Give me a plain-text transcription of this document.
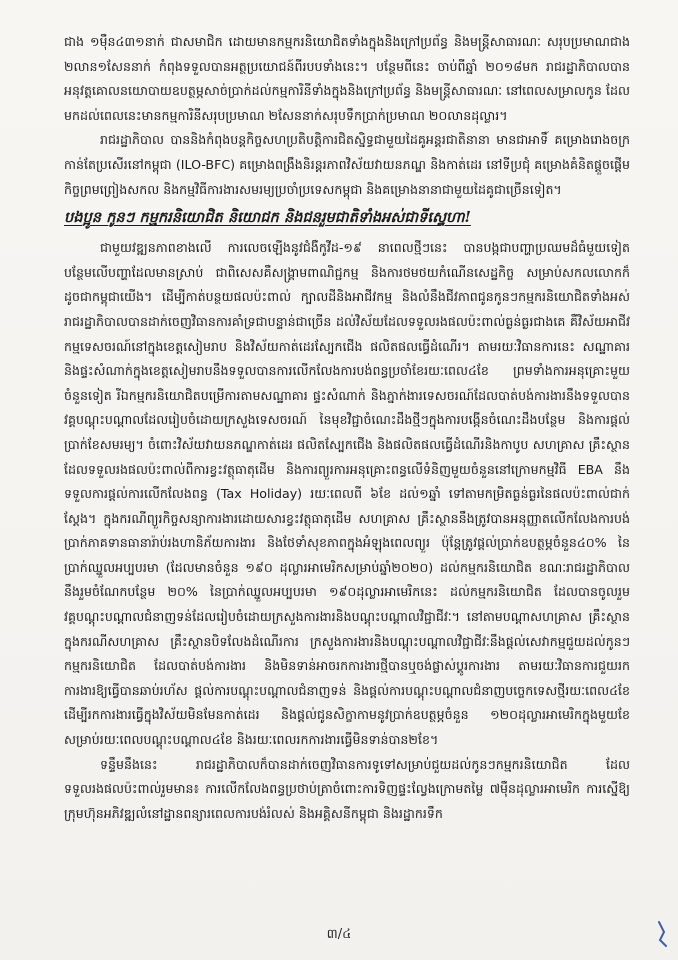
ជាង ១ម៉ឺន៤៣១នាក់ ជាសមាជិក ដោយមានកម្មករនិយោជិតទាំងក្នុងនិងក្រៅប្រព័ន្ធ និងមន្ត្រីសាធារណៈ សរុបប្រមាណជាង ២លាន១សែននាក់ កំពុងទទួលបានអត្ថប្រយោជន៍ពីរបបទាំងនេះ។ បន្ថែមពីនេះ ចាប់ពីឆ្នាំ ២០១៨មក រាជរដ្ឋាភិបាលបានអនុវត្តគោលនយោបាយឧបត្ថម្ភសាច់ប្រាក់ដល់កម្មការិនីទាំងក្នុងនិងក្រៅប្រព័ន្ធ និងមន្ត្រីសាធារណៈ នៅពេលសម្រាលកូន ដែលមកដល់ពេលនេះមានកម្មការិនីសរុបប្រមាណ ២សែននាក់សរុបទឹកប្រាក់ប្រមាណ ២០លានដុល្លារ។

រាជរដ្ឋាភិបាល បាននិងកំពុងបន្តកិច្ចសហប្រតិបត្តិការជិតស្និទ្ធជាមួយដៃគូអន្តរជាតិនានា មានជាអាទិ៍ គម្រោងរោងចក្រកាន់តែប្រសើរនៅកម្ពុជា (ILO-BFC) គម្រោងពង្រឹងនិរន្តរភាពវិស័យវាយនភណ្ឌ និងកាត់ដេរ នៅទីប្រជុំ គម្រោងគំនិតផ្តួចផ្តើមកិច្ចព្រមព្រៀងសកល និងកម្មវិធីការងារសមរម្យប្រចាំប្រទេសកម្ពុជា និងគម្រោងនានាជាមួយដៃគូជាច្រើនទៀត។

បងប្អូន កូនៗ កម្មករនិយោជិត និយោជក និងជនរួមជាតិទាំងអស់ជាទីស្នេហា!

ជាមួយវឌ្ឍនភាពខាងលើ ការលេចឡើងនូវជំងឺកូវីដ-១៩ នាពេលថ្មីៗនេះ បានបង្កជាបញ្ហាប្រឈមដ៏ធំមួយទៀត បន្ថែមលើបញ្ហាដែលមានស្រាប់ ជាពិសេសគឺសង្គ្រាមពាណិជ្ជកម្ម និងការថមថយកំណើនសេដ្ឋកិច្ច សម្រាប់សកលលោកក៏ដូចជាកម្ពុជាយើង។ ដើម្បីកាត់បន្ថយផលប៉ះពាល់ ក្បាលដីនិងអាជីវកម្ម និងលំនឹងជីវភាពជូនកូនៗកម្មករនិយោជិតទាំងអស់ រាជរដ្ឋាភិបាលបានដាក់ចេញវិធានការគាំទ្រជាបន្ទាន់ជាច្រើន ដល់វិស័យដែលទទួលរងផលប៉ះពាល់ធ្ងន់ធ្ងរជាងគេ គឺវិស័យអាជីវកម្មទេសចរណ៍នៅក្នុងខេត្តសៀមរាប និងវិស័យកាត់ដេរស្បែកជើង ផលិតផលធ្វើដំណើរ។ តាមរយៈវិធានការនេះ សណ្ឋាគារនិងផ្ទះសំណាក់ក្នុងខេត្តសៀមរាបនឹងទទួលបានការលើកលែងការបង់ពន្ធប្រចាំខែរយៈពេល៤ខែ ព្រមទាំងការអនុគ្រោះមួយចំនួនទៀត រីឯកម្មករនិយោជិតបម្រើការតាមសណ្ឋាគារ ផ្ទះសំណាក់ និងភ្នាក់ងារទេសចរណ៍ដែលបាត់បង់ការងារនឹងទទួលបានវគ្គបណ្តុះបណ្តាលដែលរៀបចំដោយក្រសួងទេសចរណ៍ នៃមុខវិជ្ជាចំណេះដឹងថ្មីៗក្នុងការបង្កើនចំណេះដឹងបន្ថែម និងការផ្តល់ប្រាក់ខែសមរម្យ។ ចំពោះវិស័យវាយនភណ្ឌកាត់ដេរ ផលិតស្បែកជើង និងផលិតផលធ្វើដំណើរនិងកាបូប សហគ្រាស គ្រឹះស្ថានដែលទទួលរងផលប៉ះពាល់ពីការខ្វះវត្ថុធាតុដើម និងការព្យួរការអនុគ្រោះពន្ធលើទំនិញមួយចំនួននៅក្រោមកម្មវិធី EBA នឹងទទួលការផ្តល់ការលើកលែងពន្ធ (Tax Holiday) រយៈពេលពី ៦ខែ ដល់១ឆ្នាំ ទៅតាមកម្រិតធ្ងន់ធ្ងរនៃផលប៉ះពាល់ជាក់ស្តែង។ ក្នុងករណីព្យួរកិច្ចសន្យាការងារដោយសារខ្វះវត្ថុធាតុដើម សហគ្រាស គ្រឹះស្ថាននឹងត្រូវបានអនុញ្ញាតលើកលែងការបង់ប្រាក់ភាគទានធានារ៉ាប់រងហានិភ័យការងារ និងថែទាំសុខភាពក្នុងអំឡុងពេលព្យួរ ប៉ុន្តែត្រូវផ្តល់ប្រាក់ឧបត្ថម្ភចំនួន៤០% នៃប្រាក់ឈ្នួលអប្បបរមា (ដែលមានចំនួន ១៩០ ដុល្លារអាមេរិកសម្រាប់ឆ្នាំ២០២០) ដល់កម្មករនិយោជិត ខណៈរាជរដ្ឋាភិបាលនឹងរួមចំណែកបន្ថែម ២០% នៃប្រាក់ឈ្នួលអប្បបរមា ១៩០ដុល្លារអាមេរិកនេះ ដល់កម្មករនិយោជិត ដែលបានចូលរួមវគ្គបណ្តុះបណ្តាលជំនាញទន់ដែលរៀបចំដោយក្រសួងការងារនិងបណ្តុះបណ្តាលវិជ្ជាជីវៈ។ នៅតាមបណ្តាសហគ្រាស គ្រឹះស្ថាន ក្នុងករណីសហគ្រាស គ្រឹះស្ថានបិទលែងដំណើរការ ក្រសួងការងារនិងបណ្តុះបណ្តាលវិជ្ជាជីវៈនឹងផ្តល់សេវាកម្មជួយដល់កូនៗកម្មករនិយោជិត ដែលបាត់បង់ការងារ និងមិនទាន់អាចរកការងារថ្មីបានឬចង់ផ្លាស់ប្តូរការងារ តាមរយៈវិធានការជួយរកការងារឱ្យធ្វើបានឆាប់រហ័ស ផ្តល់ការបណ្តុះបណ្តាលជំនាញទន់ និងផ្តល់ការបណ្តុះបណ្តាលជំនាញបច្ចេកទេសថ្មីរយៈពេល៤ខែ ដើម្បីរកការងារធ្វើក្នុងវិស័យមិនមែនកាត់ដេរ និងផ្តល់ជូនសិក្ខាកាមនូវប្រាក់ឧបត្ថម្ភចំនួន ១២០ដុល្លារអាមេរិកក្នុងមួយខែ សម្រាប់រយៈពេលបណ្តុះបណ្តាល៤ខែ និងរយៈពេលរកការងារធ្វើមិនទាន់បាន២ខែ។

ទន្ទឹមនឹងនេះ រាជរដ្ឋាភិបាលក៏បានដាក់ចេញវិធានការទូទៅសម្រាប់ជួយដល់កូនៗកម្មករនិយោជិត ដែលទទួលរងផលប៉ះពាល់រួមមាន៖ ការលើកលែងពន្ធប្រថាប់ត្រាចំពោះការទិញផ្ទះល្វែងក្រោមតម្លៃ ៧ម៉ឺនដុល្លារអាមេរិក ការស្នើឱ្យក្រុមហ៊ុនអភិវឌ្ឍលំនៅដ្ឋានពន្យារពេលការបង់រំលស់ និងអគ្គិសនីកម្ពុជា និងរដ្ឋាករទឹក

៣/៤
